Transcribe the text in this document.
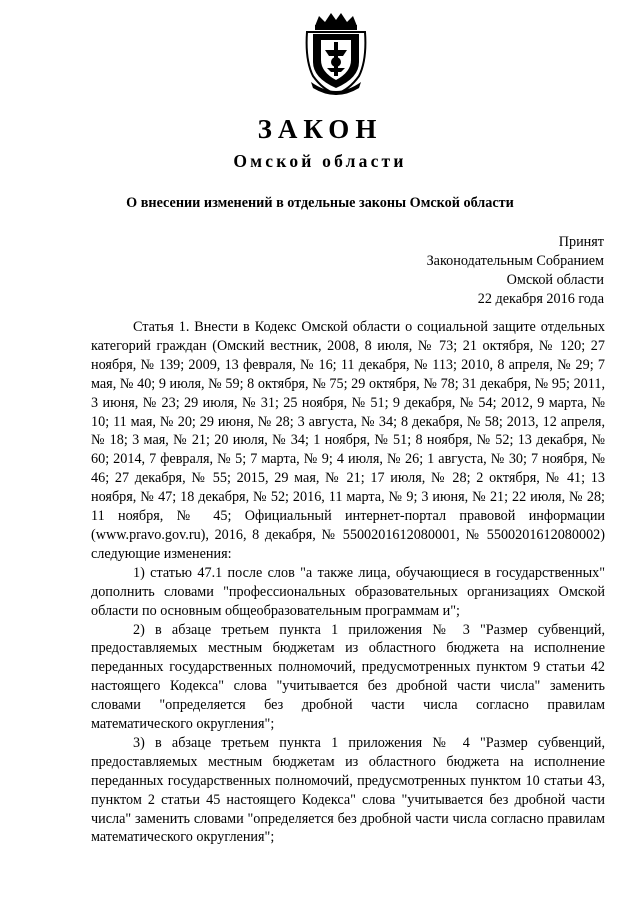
ЗАКОН
Омской области
О внесении изменений в отдельные законы Омской области
Принят
Законодательным Собранием
Омской области
22 декабря 2016 года

Статья 1. Внести в Кодекс Омской области о социальной защите отдельных категорий граждан (Омский вестник, 2008, 8 июля, № 73; 21 октября, № 120; 27 ноября, № 139; 2009, 13 февраля, № 16; 11 декабря, № 113; 2010, 8 апреля, № 29; 7 мая, № 40; 9 июля, № 59; 8 октября, № 75; 29 октября, № 78; 31 декабря, № 95; 2011, 3 июня, № 23; 29 июля, № 31; 25 ноября, № 51; 9 декабря, № 54; 2012, 9 марта, № 10; 11 мая, № 20; 29 июня, № 28; 3 августа, № 34; 8 декабря, № 58; 2013, 12 апреля, № 18; 3 мая, № 21; 20 июля, № 34; 1 ноября, № 51; 8 ноября, № 52; 13 декабря, № 60; 2014, 7 февраля, № 5; 7 марта, № 9; 4 июля, № 26; 1 августа, № 30; 7 ноября, № 46; 27 декабря, № 55; 2015, 29 мая, № 21; 17 июля, № 28; 2 октября, № 41; 13 ноября, № 47; 18 декабря, № 52; 2016, 11 марта, № 9; 3 июня, № 21; 22 июля, № 28; 11 ноября, № 45; Официальный интернет-портал правовой информации (www.pravo.gov.ru), 2016, 8 декабря, № 5500201612080001, № 5500201612080002) следующие изменения:

1) статью 47.1 после слов "а также лица, обучающиеся в государственных" дополнить словами "профессиональных образовательных организациях Омской области по основным общеобразовательным программам и";

2) в абзаце третьем пункта 1 приложения № 3 "Размер субвенций, предоставляемых местным бюджетам из областного бюджета на исполнение переданных государственных полномочий, предусмотренных пунктом 9 статьи 42 настоящего Кодекса" слова "учитывается без дробной части числа" заменить словами "определяется без дробной части числа согласно правилам математического округления";

3) в абзаце третьем пункта 1 приложения № 4 "Размер субвенций, предоставляемых местным бюджетам из областного бюджета на исполнение переданных государственных полномочий, предусмотренных пунктом 10 статьи 43, пунктом 2 статьи 45 настоящего Кодекса" слова "учитывается без дробной части числа" заменить словами "определяется без дробной части числа согласно правилам математического округления";
